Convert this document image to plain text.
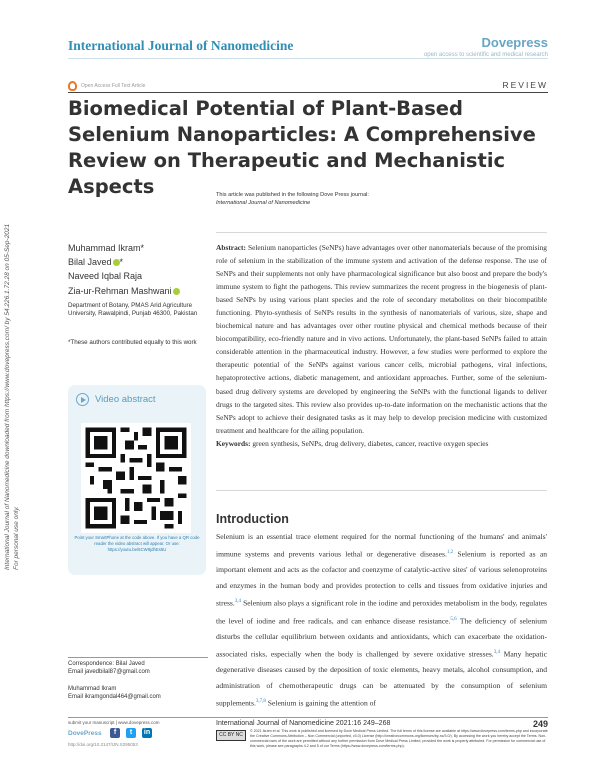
International Journal of Nanomedicine	Dovepress
open access to scientific and medical research
Open Access Full Text Article	REVIEW
Biomedical Potential of Plant-Based Selenium Nanoparticles: A Comprehensive Review on Therapeutic and Mechanistic Aspects	This article was published in the following Dove Press journal:
International Journal of Nanomedicine
International Journal of Nanomedicine downloaded from https://www.dovepress.com/ by 54.226.1.72.28 on 05-Sep-2021 For personal use only.
Muhammad Ikram*
Bilal Javed *
Naveed Iqbal Raja
Zia-ur-Rehman Mashwani
Department of Botany, PMAS Arid Agriculture University, Rawalpindi, Punjab 46300, Pakistan
*These authors contributed equally to this work
Video abstract
Point your SmartPhone at the code above. If you have a QR code reader the video abstract will appear. Or use: https://youtu.be/5CW9jdhEs5U

Abstract: Selenium nanoparticles (SeNPs) have advantages over other nanomaterials because of the promising role of selenium in the stabilization of the immune system and activation of the defense response. The use of SeNPs and their supplements not only have pharmacological significance but also boost and prepare the body's immune system to fight the pathogens. This review summarizes the recent progress in the biogenesis of plant-based SeNPs by using various plant species and the role of secondary metabolites on their biocompatible functioning. Phyto-synthesis of SeNPs results in the synthesis of nanomaterials of various, size, shape and biochemical nature and has advantages over other routine physical and chemical methods because of their biocompatibility, eco-friendly nature and in vivo actions. Unfortunately, the plant-based SeNPs failed to attain considerable attention in the pharmaceutical industry. However, a few studies were performed to explore the therapeutic potential of the SeNPs against various cancer cells, microbial pathogens, viral infections, hepatoprotective actions, diabetic management, and antioxidant approaches. Further, some of the selenium-based drug delivery systems are developed by engineering the SeNPs with the functional ligands to deliver drugs to the targeted sites. This review also provides up-to-date information on the mechanistic actions that the SeNPs adopt to achieve their designated tasks as it may help to develop precision medicine with customized treatment and healthcare for the ailing population.

Keywords: green synthesis, SeNPs, drug delivery, diabetes, cancer, reactive oxygen species

Introduction

Selenium is an essential trace element required for the normal functioning of the humans' and animals' immune systems and prevents various lethal or degenerative diseases.$^{1,2}$ Selenium is reported as an important element and acts as the cofactor and coenzyme of catalytic-active sites' of various selenoproteins and enzymes in the human body and provides protection to cells and tissues from oxidative injuries and stress.$^{3,4}$ Selenium also plays a significant role in the iodine and peroxides metabolism in the body, regulates the level of iodine and free radicals, and can enhance disease resistance.$^{5,6}$ The deficiency of selenium disturbs the cellular equilibrium between oxidants and antioxidants, which can exacerbate the oxidation-associated risks, especially when the body is challenged by severe oxidative stresses.$^{3,4}$ Many hepatic degenerative diseases caused by the deposition of toxic elements, heavy metals, alcohol consumption, and administration of chemotherapeutic drugs can be attenuated by the consumption of selenium supplements.$^{3,7,8}$ Selenium is gaining the attention of

Correspondence: Bilal Javed
Email javedbilal87@gmail.com
Muhammad Ikram
Email ikramgondal464@gmail.com
submit your manuscript | www.dovepress.com	International Journal of Nanomedicine 2021:16 249–268	249
DovePress	f	t	in
http://doi.org/10.2147/IJN.S295053
CC BY NC
© 2021 Ikram et al. This work is published and licensed by Dove Medical Press Limited. The full terms of this license are available at https://www.dovepress.com/terms.php and incorporate the Creative Commons Attribution – Non Commercial (unported, v3.0) License (http://creativecommons.org/licenses/by-nc/3.0/). By accessing the work you hereby accept the Terms. Non-commercial uses of the work are permitted without any further permission from Dove Medical Press Limited, provided the work is properly attributed. For permission for commercial use of this work, please see paragraphs 4.2 and 5 of our Terms (https://www.dovepress.com/terms.php).
